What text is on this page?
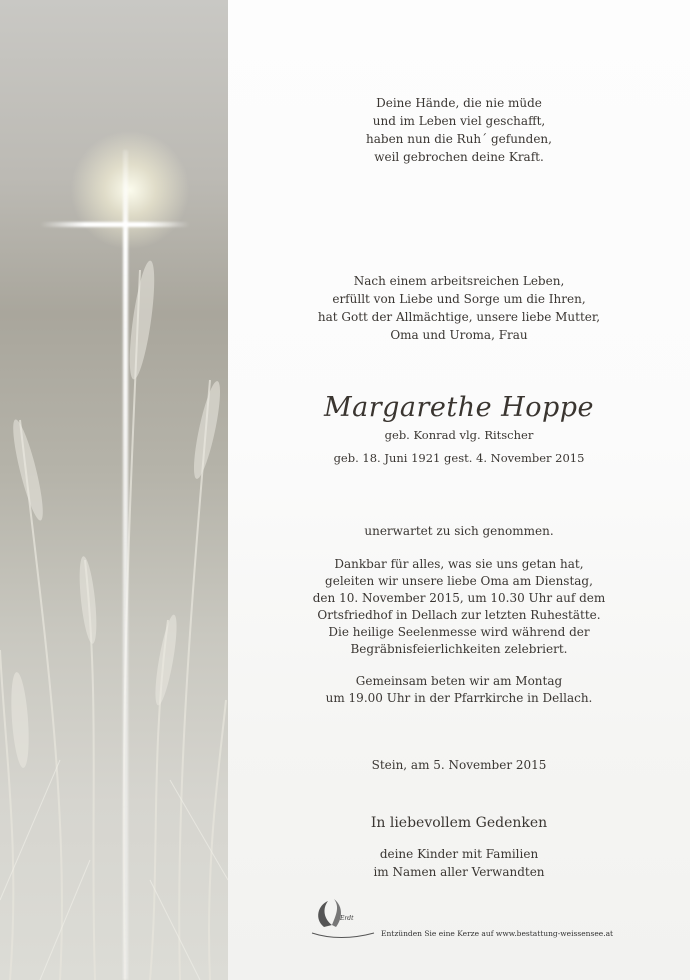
Deine Hände, die nie müde
und im Leben viel geschafft,
haben nun die Ruh´ gefunden,
weil gebrochen deine Kraft.
Nach einem arbeitsreichen Leben,
erfüllt von Liebe und Sorge um die Ihren,
hat Gott der Allmächtige, unsere liebe Mutter,
Oma und Uroma, Frau
Margarethe Hoppe
geb. Konrad vlg. Ritscher
geb. 18. Juni 1921 gest. 4. November 2015
unerwartet zu sich genommen.
Dankbar für alles, was sie uns getan hat,
geleiten wir unsere liebe Oma am Dienstag,
den 10. November 2015, um 10.30 Uhr auf dem
Ortsfriedhof in Dellach zur letzten Ruhestätte.
Die heilige Seelenmesse wird während der
Begräbnisfeierlichkeiten zelebriert.
Gemeinsam beten wir am Montag
um 19.00 Uhr in der Pfarrkirche in Dellach.
Stein, am 5. November 2015
In liebevollem Gedenken
deine Kinder mit Familien
im Namen aller Verwandten
Erdt
Entzünden Sie eine Kerze auf www.bestattung-weissensee.at
